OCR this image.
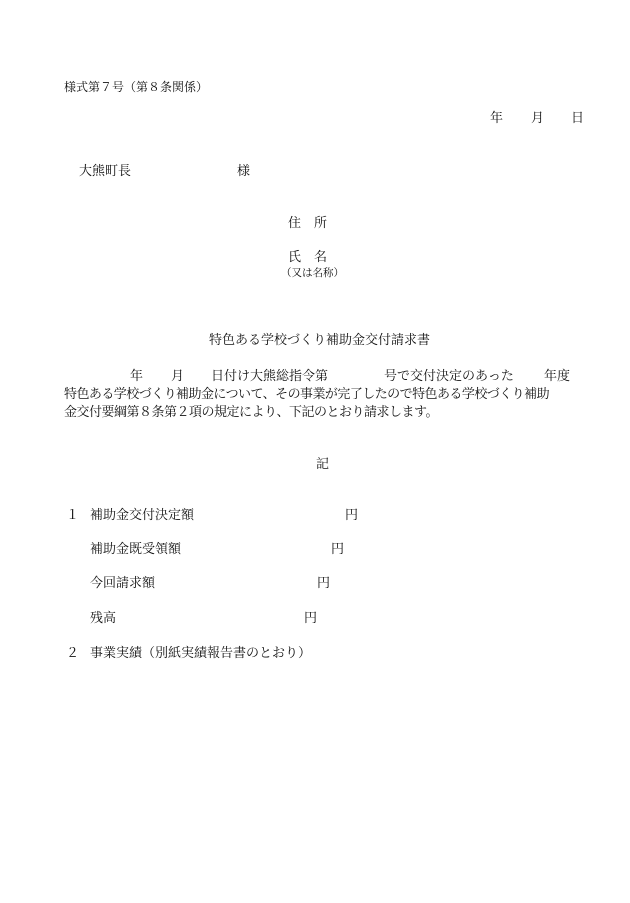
様式第７号（第８条関係）
年 月 日
大熊町長	様
住　所
氏　名
（又は名称）
特色ある学校づくり補助金交付請求書
年 月 日付け大熊総指令第	号で交付決定のあった 年度
特色ある学校づくり補助金について、その事業が完了したので特色ある学校づくり補助
金交付要綱第８条第２項の規定により、下記のとおり請求します。
記
１ 補助金交付決定額	円
補助金既受領額	円
今回請求額	円
残高	円
２ 事業実績（別紙実績報告書のとおり）
